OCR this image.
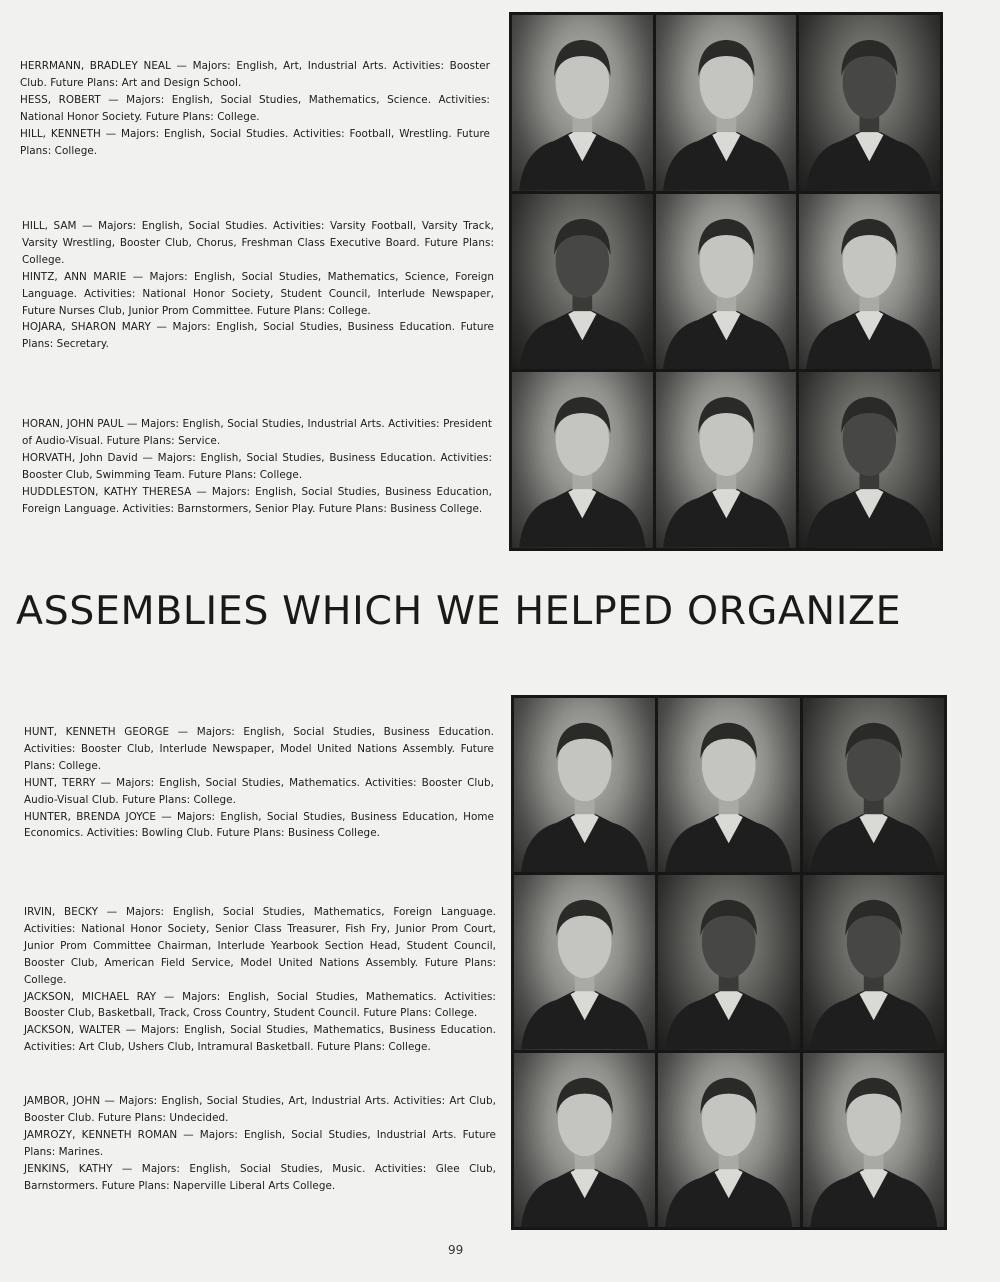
HERRMANN, BRADLEY NEAL — Majors: English, Art, Industrial Arts. Activities: Booster Club. Future Plans: Art and Design School.

HESS, ROBERT — Majors: English, Social Studies, Mathematics, Science. Activities: National Honor Society. Future Plans: College.

HILL, KENNETH — Majors: English, Social Studies. Activities: Football, Wrestling. Future Plans: College.

HILL, SAM — Majors: English, Social Studies. Activities: Varsity Football, Varsity Track, Varsity Wrestling, Booster Club, Chorus, Freshman Class Executive Board. Future Plans: College.

HINTZ, ANN MARIE — Majors: English, Social Studies, Mathematics, Science, Foreign Language. Activities: National Honor Society, Student Council, Interlude Newspaper, Future Nurses Club, Junior Prom Committee. Future Plans: College.

HOJARA, SHARON MARY — Majors: English, Social Studies, Business Education. Future Plans: Secretary.

HORAN, JOHN PAUL — Majors: English, Social Studies, Industrial Arts. Activities: President of Audio-Visual. Future Plans: Service.

HORVATH, John David — Majors: English, Social Studies, Business Education. Activities: Booster Club, Swimming Team. Future Plans: College.

HUDDLESTON, KATHY THERESA — Majors: English, Social Studies, Business Education, Foreign Language. Activities: Barnstormers, Senior Play. Future Plans: Business College.

ASSEMBLIES WHICH WE HELPED ORGANIZE

HUNT, KENNETH GEORGE — Majors: English, Social Studies, Business Education. Activities: Booster Club, Interlude Newspaper, Model United Nations Assembly. Future Plans: College.

HUNT, TERRY — Majors: English, Social Studies, Mathematics. Activities: Booster Club, Audio-Visual Club. Future Plans: College.

HUNTER, BRENDA JOYCE — Majors: English, Social Studies, Business Education, Home Economics. Activities: Bowling Club. Future Plans: Business College.

IRVIN, BECKY — Majors: English, Social Studies, Mathematics, Foreign Language. Activities: National Honor Society, Senior Class Treasurer, Fish Fry, Junior Prom Court, Junior Prom Committee Chairman, Interlude Yearbook Section Head, Student Council, Booster Club, American Field Service, Model United Nations Assembly. Future Plans: College.

JACKSON, MICHAEL RAY — Majors: English, Social Studies, Mathematics. Activities: Booster Club, Basketball, Track, Cross Country, Student Council. Future Plans: College.

JACKSON, WALTER — Majors: English, Social Studies, Mathematics, Business Education. Activities: Art Club, Ushers Club, Intramural Basketball. Future Plans: College.

JAMBOR, JOHN — Majors: English, Social Studies, Art, Industrial Arts. Activities: Art Club, Booster Club. Future Plans: Undecided.

JAMROZY, KENNETH ROMAN — Majors: English, Social Studies, Industrial Arts. Future Plans: Marines.

JENKINS, KATHY — Majors: English, Social Studies, Music. Activities: Glee Club, Barnstormers. Future Plans: Naperville Liberal Arts College.

99
